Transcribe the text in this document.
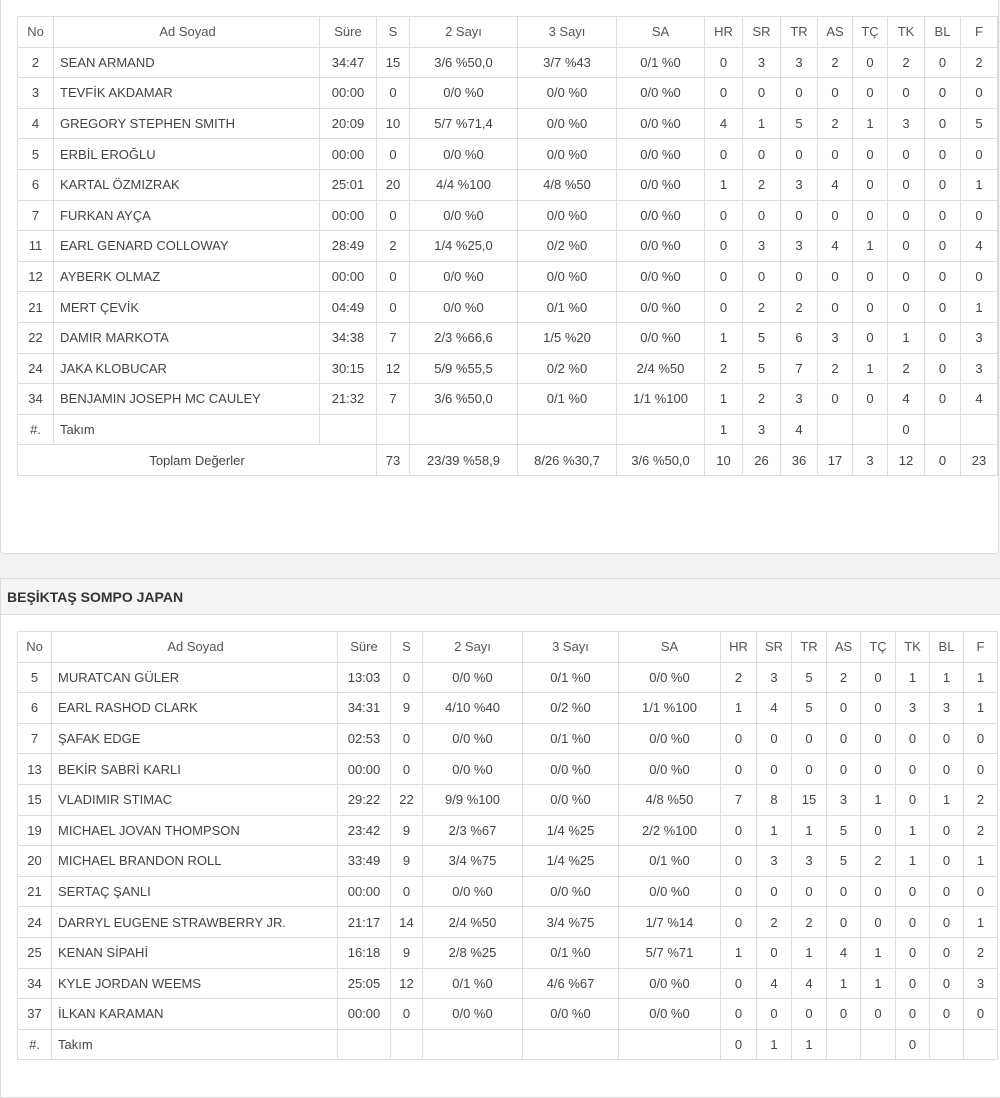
No	Ad Soyad	Süre	S	2 Sayı	3 Sayı	SA	HR	SR	TR	AS	TÇ	TK	BL	F
2	SEAN ARMAND	34:47	15	3/6 %50,0	3/7 %43	0/1 %0	0	3	3	2	0	2	0	2
3	TEVFİK AKDAMAR	00:00	0	0/0 %0	0/0 %0	0/0 %0	0	0	0	0	0	0	0	0
4	GREGORY STEPHEN SMITH	20:09	10	5/7 %71,4	0/0 %0	0/0 %0	4	1	5	2	1	3	0	5
5	ERBİL EROĞLU	00:00	0	0/0 %0	0/0 %0	0/0 %0	0	0	0	0	0	0	0	0
6	KARTAL ÖZMIZRAK	25:01	20	4/4 %100	4/8 %50	0/0 %0	1	2	3	4	0	0	0	1
7	FURKAN AYÇA	00:00	0	0/0 %0	0/0 %0	0/0 %0	0	0	0	0	0	0	0	0
11	EARL GENARD COLLOWAY	28:49	2	1/4 %25,0	0/2 %0	0/0 %0	0	3	3	4	1	0	0	4
12	AYBERK OLMAZ	00:00	0	0/0 %0	0/0 %0	0/0 %0	0	0	0	0	0	0	0	0
21	MERT ÇEVİK	04:49	0	0/0 %0	0/1 %0	0/0 %0	0	2	2	0	0	0	0	1
22	DAMIR MARKOTA	34:38	7	2/3 %66,6	1/5 %20	0/0 %0	1	5	6	3	0	1	0	3
24	JAKA KLOBUCAR	30:15	12	5/9 %55,5	0/2 %0	2/4 %50	2	5	7	2	1	2	0	3
34	BENJAMIN JOSEPH MC CAULEY	21:32	7	3/6 %50,0	0/1 %0	1/1 %100	1	2	3	0	0	4	0	4
#.	Takım						1	3	4			0		
Toplam Değerler			73	23/39 %58,9	8/26 %30,7	3/6 %50,0	10	26	36	17	3	12	0	23
BEŞİKTAŞ SOMPO JAPAN
No	Ad Soyad	Süre	S	2 Sayı	3 Sayı	SA	HR	SR	TR	AS	TÇ	TK	BL	F
5	MURATCAN GÜLER	13:03	0	0/0 %0	0/1 %0	0/0 %0	2	3	5	2	0	1	1	1
6	EARL RASHOD CLARK	34:31	9	4/10 %40	0/2 %0	1/1 %100	1	4	5	0	0	3	3	1
7	ŞAFAK EDGE	02:53	0	0/0 %0	0/1 %0	0/0 %0	0	0	0	0	0	0	0	0
13	BEKİR SABRİ KARLI	00:00	0	0/0 %0	0/0 %0	0/0 %0	0	0	0	0	0	0	0	0
15	VLADIMIR STIMAC	29:22	22	9/9 %100	0/0 %0	4/8 %50	7	8	15	3	1	0	1	2
19	MICHAEL JOVAN THOMPSON	23:42	9	2/3 %67	1/4 %25	2/2 %100	0	1	1	5	0	1	0	2
20	MICHAEL BRANDON ROLL	33:49	9	3/4 %75	1/4 %25	0/1 %0	0	3	3	5	2	1	0	1
21	SERTAÇ ŞANLI	00:00	0	0/0 %0	0/0 %0	0/0 %0	0	0	0	0	0	0	0	0
24	DARRYL EUGENE STRAWBERRY JR.	21:17	14	2/4 %50	3/4 %75	1/7 %14	0	2	2	0	0	0	0	1
25	KENAN SİPAHİ	16:18	9	2/8 %25	0/1 %0	5/7 %71	1	0	1	4	1	0	0	2
34	KYLE JORDAN WEEMS	25:05	12	0/1 %0	4/6 %67	0/0 %0	0	4	4	1	1	0	0	3
37	İLKAN KARAMAN	00:00	0	0/0 %0	0/0 %0	0/0 %0	0	0	0	0	0	0	0	0
#.	Takım						0	1	1			0		
